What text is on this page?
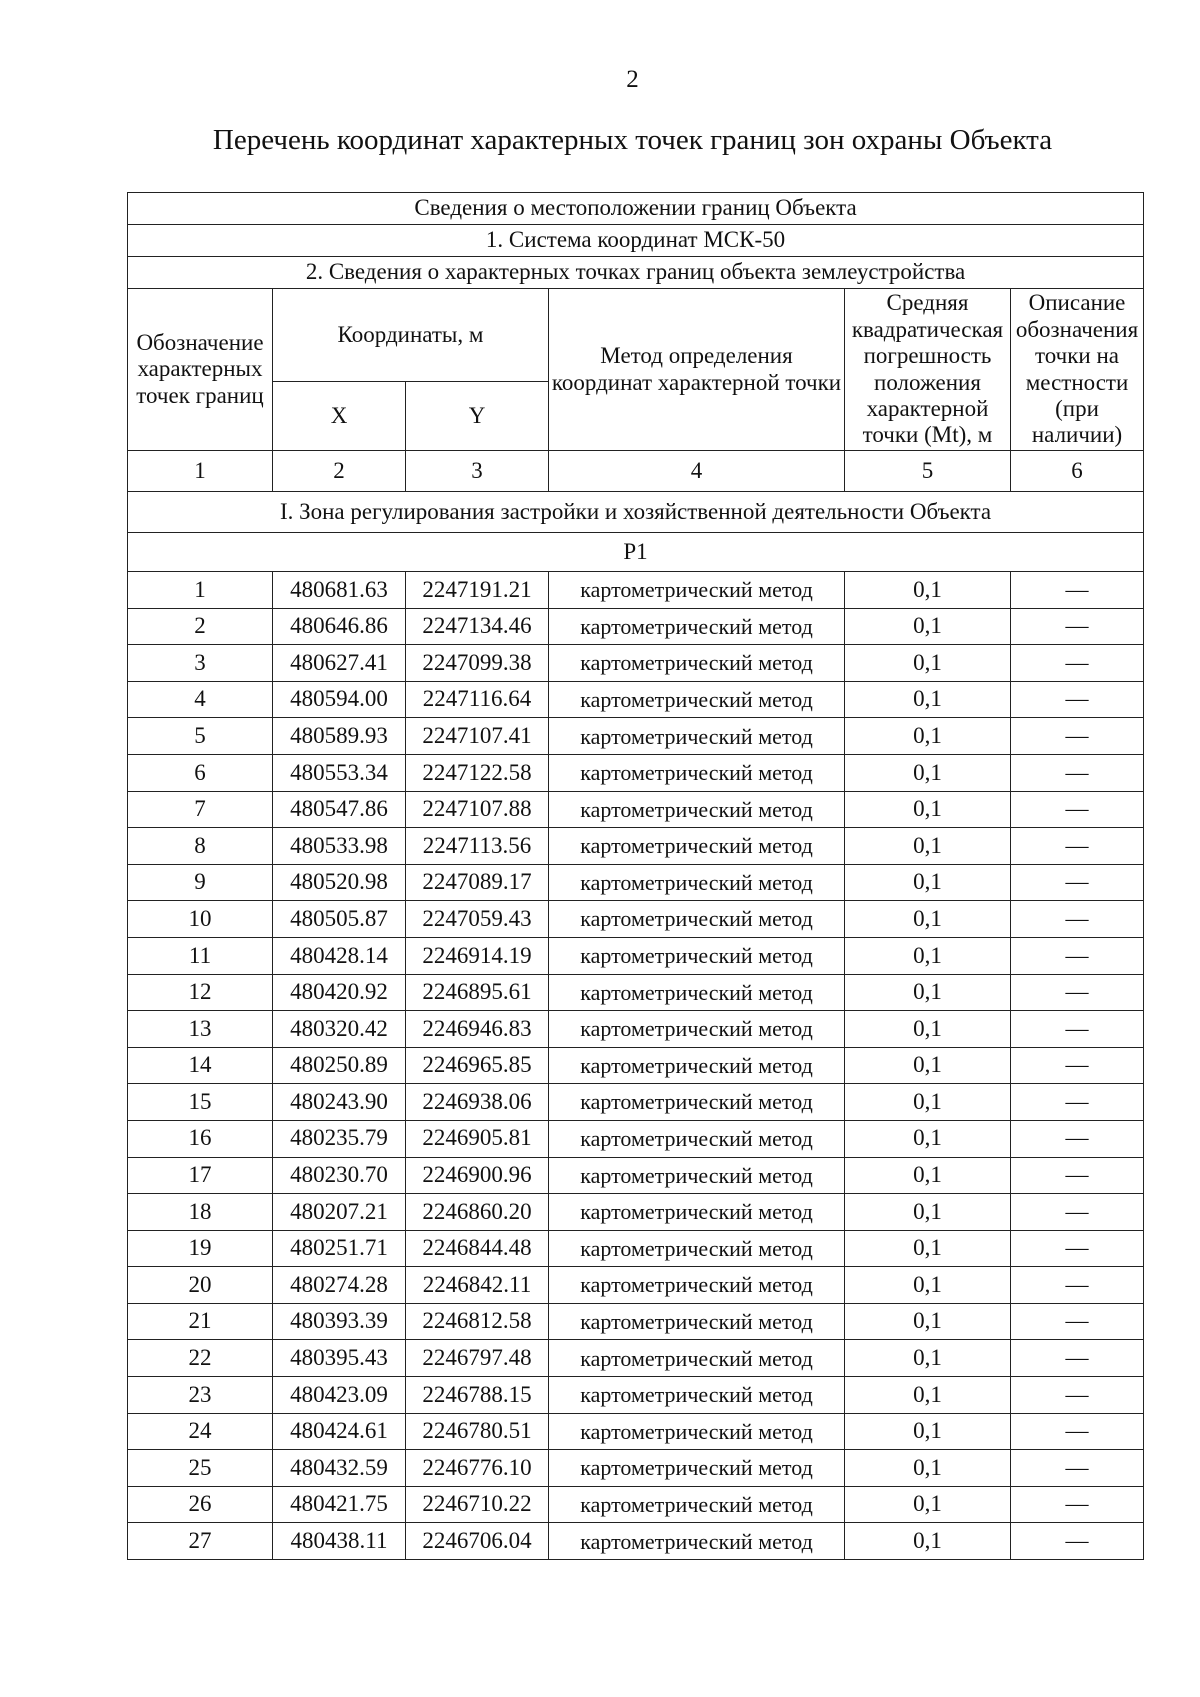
2
Перечень координат характерных точек границ зон охраны Объекта
Сведения о местоположении границ Объекта					
1. Система координат МСК-50					
2. Сведения о характерных точках границ объекта землеустройства					
Обозначение характерных точек границ	Координаты, м		Метод определения координат характерной точки	Средняя квадратическая погрешность положения характерной точки (Mt), м	Описание обозначения точки на местности (при наличии)
	X	Y			
1	2	3	4	5	6
I. Зона регулирования застройки и хозяйственной деятельности Объекта					
Р1					
1	480681.63	2247191.21	картометрический метод	0,1	—
2	480646.86	2247134.46	картометрический метод	0,1	—
3	480627.41	2247099.38	картометрический метод	0,1	—
4	480594.00	2247116.64	картометрический метод	0,1	—
5	480589.93	2247107.41	картометрический метод	0,1	—
6	480553.34	2247122.58	картометрический метод	0,1	—
7	480547.86	2247107.88	картометрический метод	0,1	—
8	480533.98	2247113.56	картометрический метод	0,1	—
9	480520.98	2247089.17	картометрический метод	0,1	—
10	480505.87	2247059.43	картометрический метод	0,1	—
11	480428.14	2246914.19	картометрический метод	0,1	—
12	480420.92	2246895.61	картометрический метод	0,1	—
13	480320.42	2246946.83	картометрический метод	0,1	—
14	480250.89	2246965.85	картометрический метод	0,1	—
15	480243.90	2246938.06	картометрический метод	0,1	—
16	480235.79	2246905.81	картометрический метод	0,1	—
17	480230.70	2246900.96	картометрический метод	0,1	—
18	480207.21	2246860.20	картометрический метод	0,1	—
19	480251.71	2246844.48	картометрический метод	0,1	—
20	480274.28	2246842.11	картометрический метод	0,1	—
21	480393.39	2246812.58	картометрический метод	0,1	—
22	480395.43	2246797.48	картометрический метод	0,1	—
23	480423.09	2246788.15	картометрический метод	0,1	—
24	480424.61	2246780.51	картометрический метод	0,1	—
25	480432.59	2246776.10	картометрический метод	0,1	—
26	480421.75	2246710.22	картометрический метод	0,1	—
27	480438.11	2246706.04	картометрический метод	0,1	—
